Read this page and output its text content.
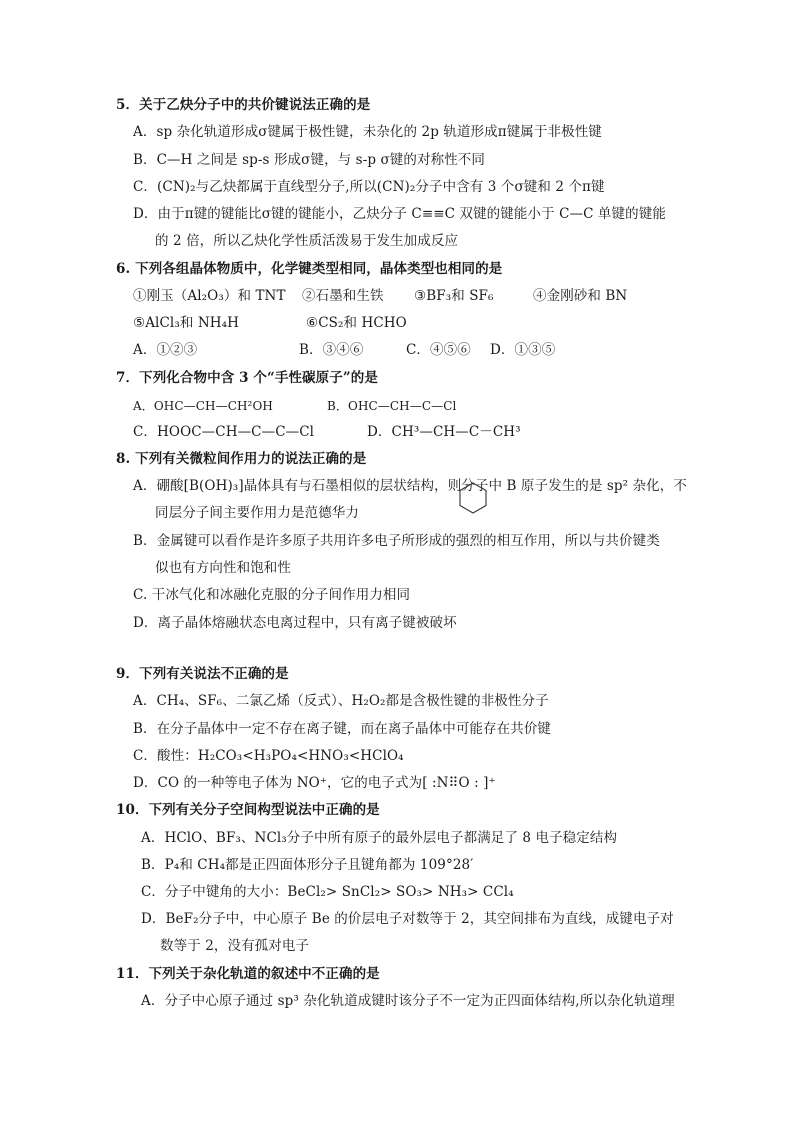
5．关于乙炔分子中的共价键说法正确的是
A．sp 杂化轨道形成σ键属于极性键，未杂化的 2p 轨道形成π键属于非极性键
B．C—H 之间是 sp-s 形成σ键，与 s-p σ键的对称性不同
C．(CN)₂与乙炔都属于直线型分子,所以(CN)₂分子中含有 3 个σ键和 2 个π键
D．由于π键的键能比σ键的键能小，乙炔分子 C≡≡C 双键的键能小于 C—C 单键的键能
的 2 倍，所以乙炔化学性质活泼易于发生加成反应
6. 下列各组晶体物质中，化学键类型相同，晶体类型也相同的是
①刚玉（Al₂O₃）和 TNT ②石墨和生铁 ③BF₃和 SF₆	④金刚砂和 BN
⑤AlCl₃和 NH₄H	⑥CS₂和 HCHO
A．①②③	B．③④⑥	C．④⑤⑥ D．①③⑤
7．下列化合物中含 3 个“手性碳原子”的是
A．OHC—CH—CH²OH	B．OHC—CH—C—Cl
C．HOOC—CH—C—C—Cl	D．CH³—CH—C－CH³
8. 下列有关微粒间作用力的说法正确的是
A．硼酸[B(OH)₃]晶体具有与石墨相似的层状结构，则分子中 B 原子发生的是 sp² 杂化，不
同层分子间主要作用力是范德华力
B．金属键可以看作是许多原子共用许多电子所形成的强烈的相互作用，所以与共价键类
似也有方向性和饱和性
C. 干冰气化和冰融化克服的分子间作用力相同
D．离子晶体熔融状态电离过程中，只有离子键被破坏
9．下列有关说法不正确的是
A．CH₄、SF₆、二氯乙烯（反式）、H₂O₂都是含极性键的非极性分子
B．在分子晶体中一定不存在离子键，而在离子晶体中可能存在共价键
C．酸性：H₂CO₃<H₃PO₄<HNO₃<HClO₄
D．CO 的一种等电子体为 NO⁺，它的电子式为[ :N⠿O : ]⁺
10．下列有关分子空间构型说法中正确的是
A．HClO、BF₃、NCl₃分子中所有原子的最外层电子都满足了 8 电子稳定结构
B．P₄和 CH₄都是正四面体形分子且键角都为 109°28′
C．分子中键角的大小：BeCl₂> SnCl₂> SO₃> NH₃> CCl₄
D．BeF₂分子中，中心原子 Be 的价层电子对数等于 2，其空间排布为直线，成键电子对
数等于 2，没有孤对电子
11．下列关于杂化轨道的叙述中不正确的是
A．分子中心原子通过 sp³ 杂化轨道成键时该分子不一定为正四面体结构,所以杂化轨道理
